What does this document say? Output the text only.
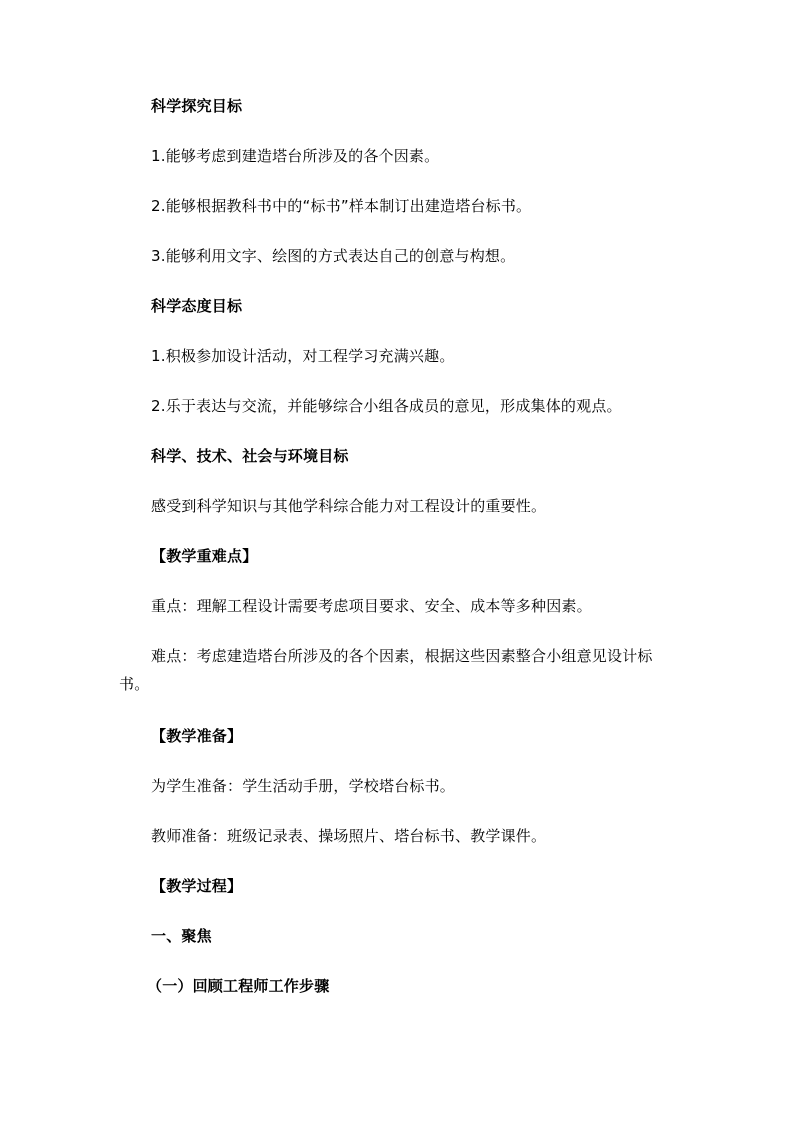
科学探究目标
1.能够考虑到建造塔台所涉及的各个因素。
2.能够根据教科书中的“标书”样本制订出建造塔台标书。
3.能够利用文字、绘图的方式表达自己的创意与构想。
科学态度目标
1.积极参加设计活动，对工程学习充满兴趣。
2.乐于表达与交流，并能够综合小组各成员的意见，形成集体的观点。
科学、技术、社会与环境目标
感受到科学知识与其他学科综合能力对工程设计的重要性。
【教学重难点】
重点：理解工程设计需要考虑项目要求、安全、成本等多种因素。
难点：考虑建造塔台所涉及的各个因素，根据这些因素整合小组意见设计标书。
【教学准备】
为学生准备：学生活动手册，学校塔台标书。
教师准备：班级记录表、操场照片、塔台标书、教学课件。
【教学过程】
一、聚焦
（一）回顾工程师工作步骤
